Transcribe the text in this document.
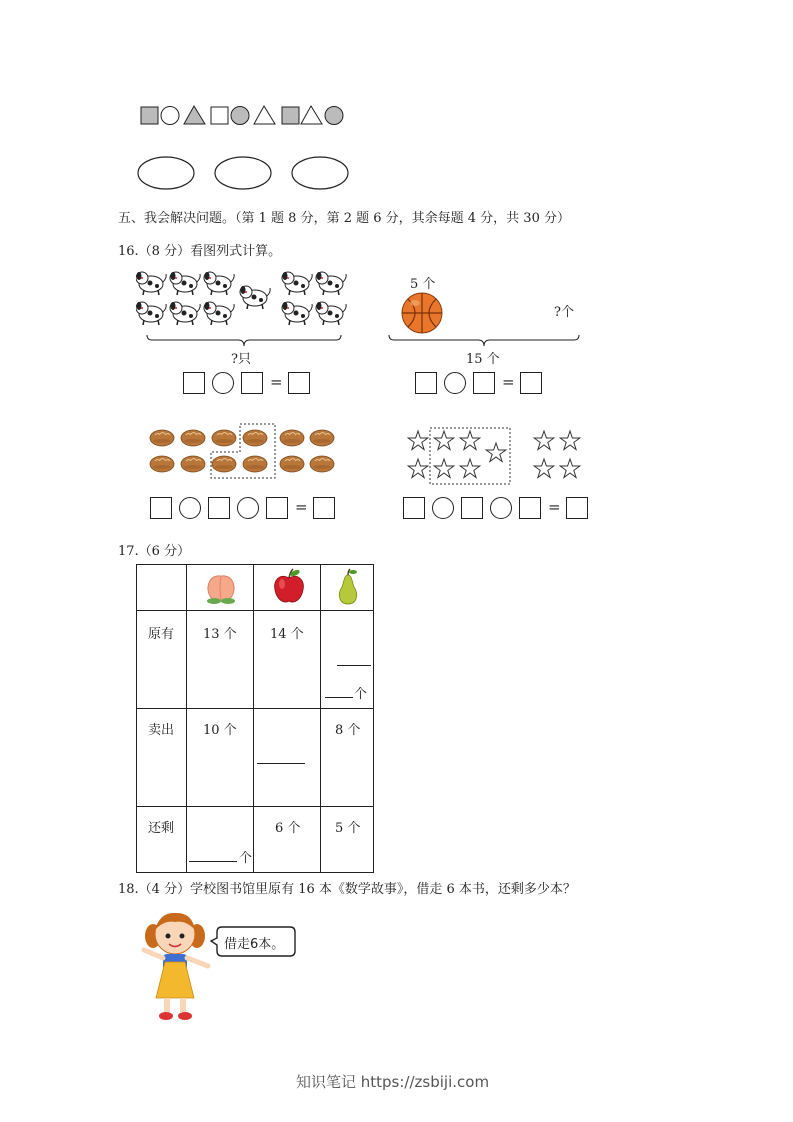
五、我会解决问题。（第 1 题 8 分，第 2 题 6 分，其余每题 4 分，共 30 分）
16.（8 分）看图列式计算。
?只
=
5 个
?个
15 个
=
=	=
17.（6 分）

原有	13 个	14 个	个

卖出	10 个		8 个

还剩	个	6 个	5 个
18.（4 分）学校图书馆里原有 16 本《数学故事》，借走 6 本书，还剩多少本？
借走6本。
知识笔记 https://zsbiji.com
